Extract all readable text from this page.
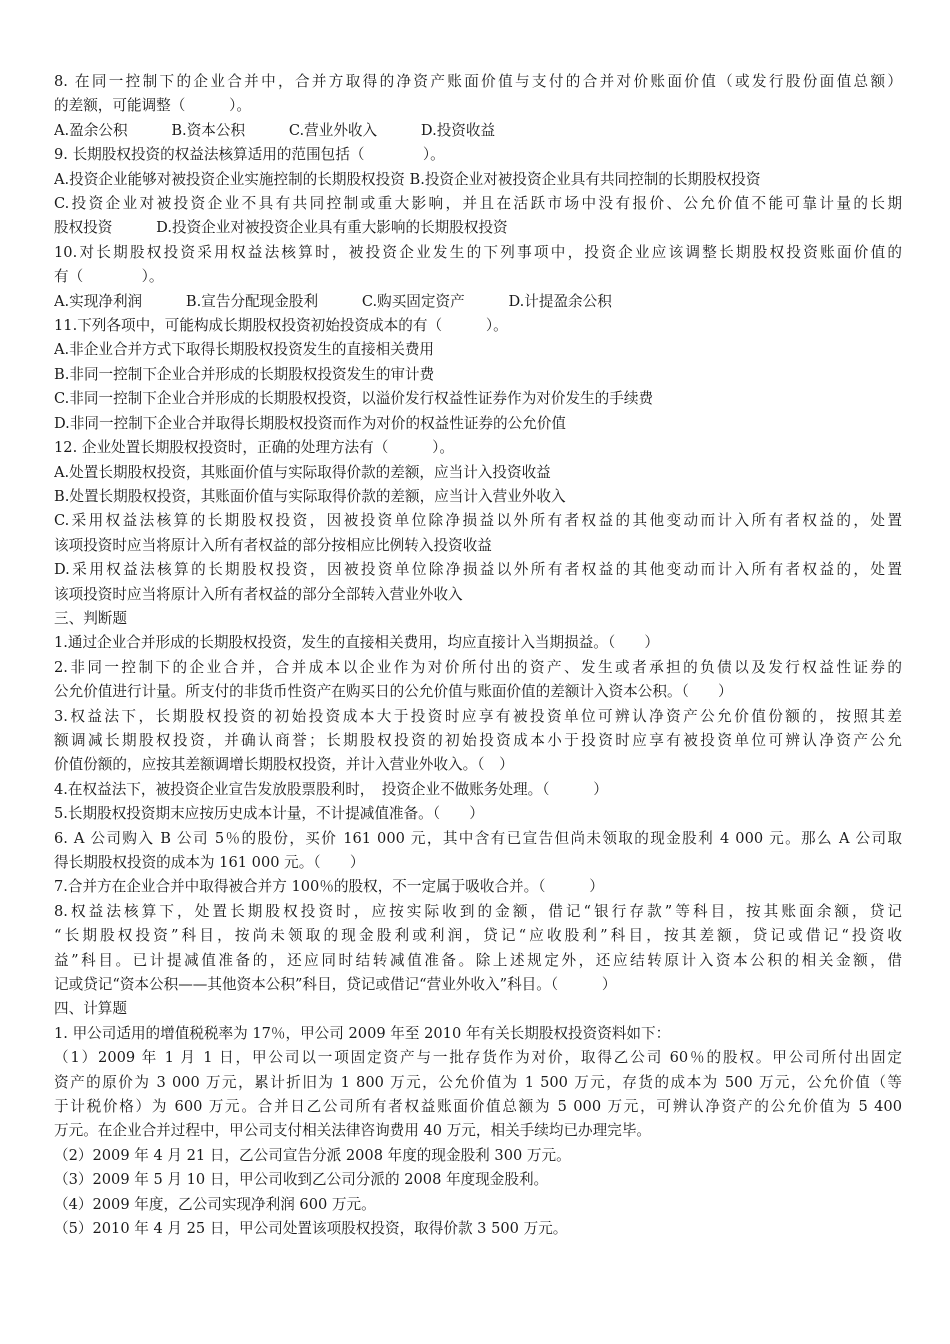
8. 在同一控制下的企业合并中，合并方取得的净资产账面价值与支付的合并对价账面价值（或发行股份面值总额）
的差额，可能调整（　　　）。
A.盈余公积　　　B.资本公积　　　C.营业外收入　　　D.投资收益
9. 长期股权投资的权益法核算适用的范围包括（　　　　）。
A.投资企业能够对被投资企业实施控制的长期股权投资 B.投资企业对被投资企业具有共同控制的长期股权投资
C.投资企业对被投资企业不具有共同控制或重大影响，并且在活跃市场中没有报价、公允价值不能可靠计量的长期
股权投资　　　D.投资企业对被投资企业具有重大影响的长期股权投资
10.对长期股权投资采用权益法核算时，被投资企业发生的下列事项中，投资企业应该调整长期股权投资账面价值的
有（　　　　）。
A.实现净利润　　　B.宣告分配现金股利　　　C.购买固定资产　　　D.计提盈余公积
11.下列各项中，可能构成长期股权投资初始投资成本的有（　　　）。
A.非企业合并方式下取得长期股权投资发生的直接相关费用
B.非同一控制下企业合并形成的长期股权投资发生的审计费
C.非同一控制下企业合并形成的长期股权投资，以溢价发行权益性证券作为对价发生的手续费
D.非同一控制下企业合并取得长期股权投资而作为对价的权益性证券的公允价值
12. 企业处置长期股权投资时，正确的处理方法有（　　　）。
A.处置长期股权投资，其账面价值与实际取得价款的差额，应当计入投资收益
B.处置长期股权投资，其账面价值与实际取得价款的差额，应当计入营业外收入
C.采用权益法核算的长期股权投资，因被投资单位除净损益以外所有者权益的其他变动而计入所有者权益的，处置
该项投资时应当将原计入所有者权益的部分按相应比例转入投资收益
D.采用权益法核算的长期股权投资，因被投资单位除净损益以外所有者权益的其他变动而计入所有者权益的，处置
该项投资时应当将原计入所有者权益的部分全部转入营业外收入
三、判断题
1.通过企业合并形成的长期股权投资，发生的直接相关费用，均应直接计入当期损益。（　　）
2.非同一控制下的企业合并，合并成本以企业作为对价所付出的资产、发生或者承担的负债以及发行权益性证券的
公允价值进行计量。所支付的非货币性资产在购买日的公允价值与账面价值的差额计入资本公积。（　　）
3.权益法下，长期股权投资的初始投资成本大于投资时应享有被投资单位可辨认净资产公允价值份额的，按照其差
额调减长期股权投资，并确认商誉；长期股权投资的初始投资成本小于投资时应享有被投资单位可辨认净资产公允
价值份额的，应按其差额调增长期股权投资，并计入营业外收入。（　）
4.在权益法下，被投资企业宣告发放股票股利时，　投资企业不做账务处理。（　　　）
5.长期股权投资期末应按历史成本计量，不计提减值准备。（　　）
6. A 公司购入 B 公司 5％的股份，买价 161 000 元，其中含有已宣告但尚未领取的现金股利 4 000 元。那么 A 公司取
得长期股权投资的成本为 161 000 元。（　　）
7.合并方在企业合并中取得被合并方 100％的股权，不一定属于吸收合并。（　　　）
8.权益法核算下，处置长期股权投资时，应按实际收到的金额，借记“银行存款”等科目，按其账面余额，贷记
“长期股权投资”科目，按尚未领取的现金股利或利润，贷记“应收股利”科目，按其差额，贷记或借记“投资收
益”科目。已计提减值准备的，还应同时结转减值准备。除上述规定外，还应结转原计入资本公积的相关金额，借
记或贷记“资本公积——其他资本公积”科目，贷记或借记“营业外收入”科目。（　　　）
四、计算题
1. 甲公司适用的增值税税率为 17％，甲公司 2009 年至 2010 年有关长期股权投资资料如下：
（1）2009 年 1 月 1 日，甲公司以一项固定资产与一批存货作为对价，取得乙公司 60％的股权。甲公司所付出固定
资产的原价为 3 000 万元，累计折旧为 1 800 万元，公允价值为 1 500 万元，存货的成本为 500 万元，公允价值（等
于计税价格）为 600 万元。合并日乙公司所有者权益账面价值总额为 5 000 万元，可辨认净资产的公允价值为 5 400
万元。在企业合并过程中，甲公司支付相关法律咨询费用 40 万元，相关手续均已办理完毕。
（2）2009 年 4 月 21 日，乙公司宣告分派 2008 年度的现金股利 300 万元。
（3）2009 年 5 月 10 日，甲公司收到乙公司分派的 2008 年度现金股利。
（4）2009 年度，乙公司实现净利润 600 万元。
（5）2010 年 4 月 25 日，甲公司处置该项股权投资，取得价款 3 500 万元。
